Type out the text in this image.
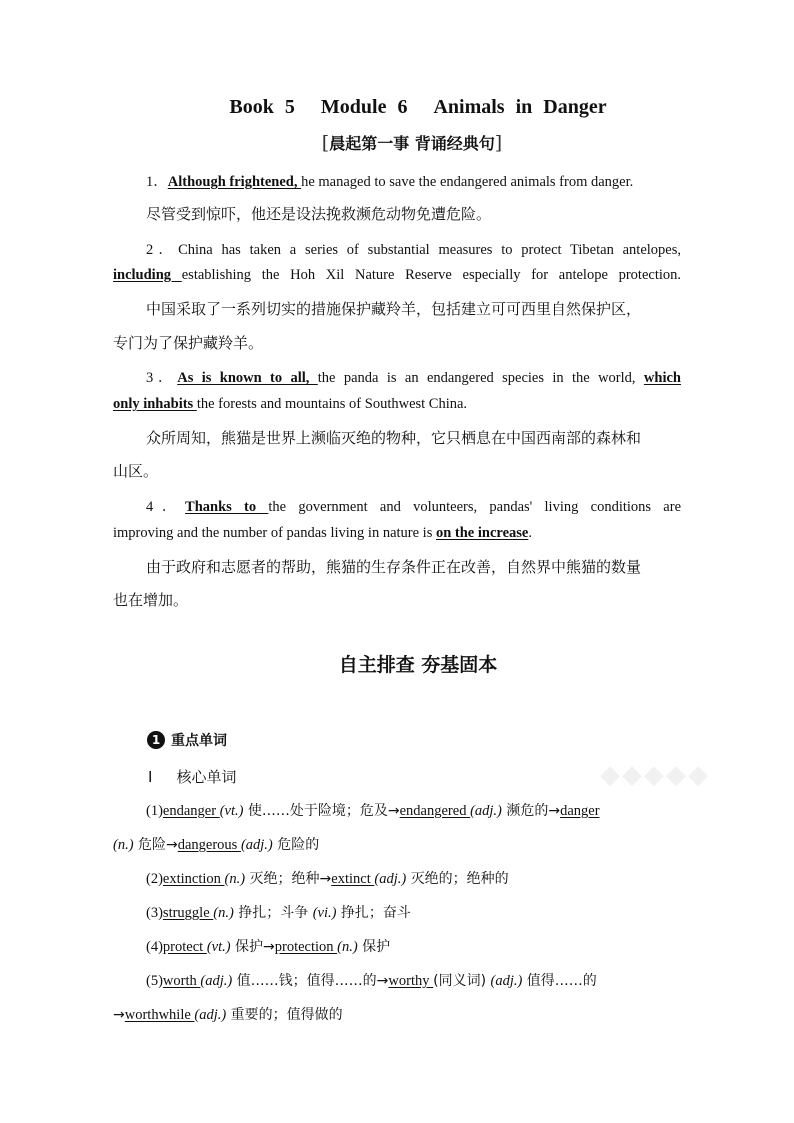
Book 5 Module 6 Animals in Danger
[晨起第一事 背诵经典句]
1．Although frightened, he managed to save the endangered animals from danger.
尽管受到惊吓，他还是设法挽救濒危动物免遭危险。
2．China has taken a series of substantial measures to protect Tibetan antelopes,
including establishing the Hoh Xil Nature Reserve especially for antelope protection.
中国采取了一系列切实的措施保护藏羚羊，包括建立可可西里自然保护区，
专门为了保护藏羚羊。
3．As is known to all, the panda is an endangered species in the world, which
only inhabits the forests and mountains of Southwest China.
众所周知，熊猫是世界上濒临灭绝的物种，它只栖息在中国西南部的森林和
山区。
4．Thanks to the government and volunteers, pandas' living conditions are
improving and the number of pandas living in nature is on the increase.
由于政府和志愿者的帮助，熊猫的生存条件正在改善，自然界中熊猫的数量
也在增加。
自主排查 夯基固本
1 重点单词
Ⅰ 核心单词	◆◆◆◆◆
(1)endanger (vt.) 使……处于险境；危及→endangered (adj.) 濒危的→danger
(n.) 危险→dangerous (adj.) 危险的
(2)extinction (n.) 灭绝；绝种→extinct (adj.) 灭绝的；绝种的
(3)struggle (n.) 挣扎；斗争 (vi.) 挣扎；奋斗
(4)protect (vt.) 保护→protection (n.) 保护
(5)worth (adj.) 值……钱；值得……的→worthy (同义词) (adj.) 值得……的
→worthwhile (adj.) 重要的；值得做的
